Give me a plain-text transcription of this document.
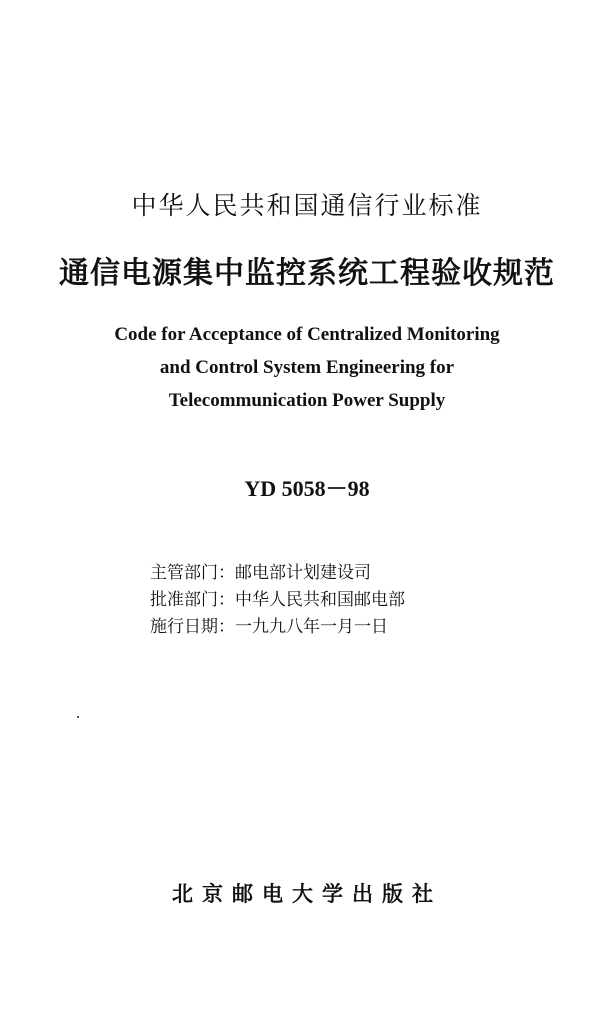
中华人民共和国通信行业标准
通信电源集中监控系统工程验收规范
Code for Acceptance of Centralized Monitoring
and Control System Engineering for
Telecommunication Power Supply
YD 5058－98
主管部门：邮电部计划建设司
批准部门：中华人民共和国邮电部
施行日期：一九九八年一月一日
北京邮电大学出版社
